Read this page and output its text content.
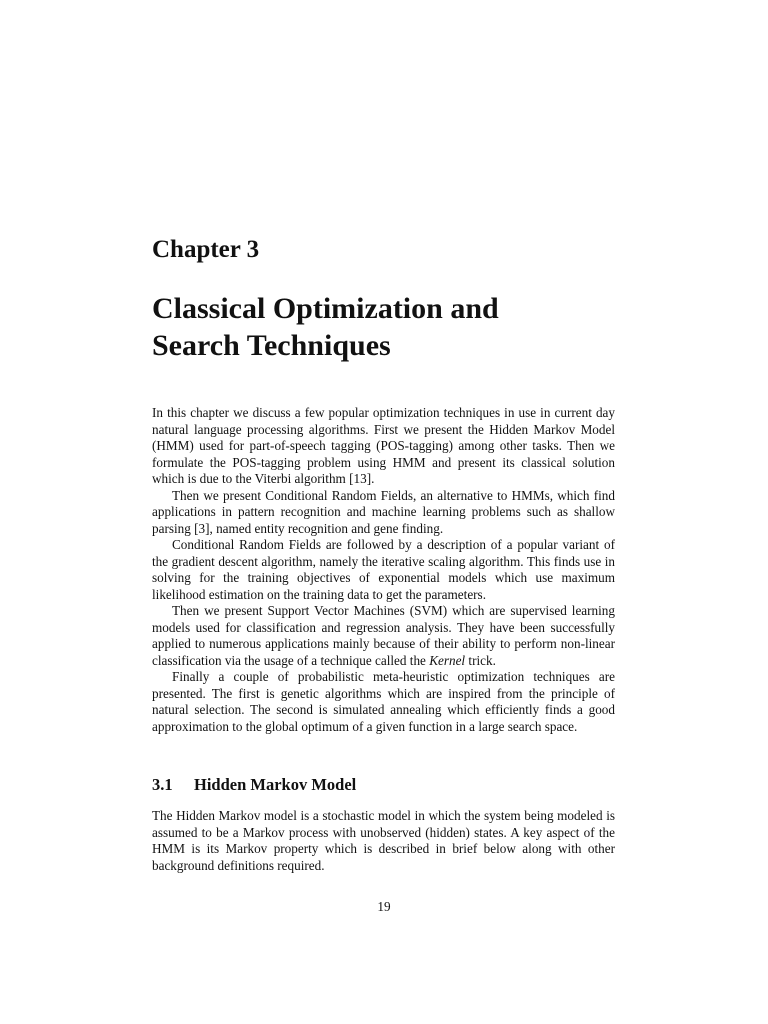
Chapter 3
Classical Optimization and
Search Techniques

In this chapter we discuss a few popular optimization techniques in use in current day natural language processing algorithms. First we present the Hidden Markov Model (HMM) used for part-of-speech tagging (POS-tagging) among other tasks. Then we formulate the POS-tagging problem using HMM and present its classical solution which is due to the Viterbi algorithm [13].

Then we present Conditional Random Fields, an alternative to HMMs, which find applications in pattern recognition and machine learning problems such as shallow parsing [3], named entity recognition and gene finding.

Conditional Random Fields are followed by a description of a popular variant of the gradient descent algorithm, namely the iterative scaling algorithm. This finds use in solving for the training objectives of exponential models which use maximum likelihood estimation on the training data to get the parameters.

Then we present Support Vector Machines (SVM) which are supervised learning models used for classification and regression analysis. They have been successfully applied to numerous applications mainly because of their ability to perform non-linear classification via the usage of a technique called the Kernel trick.

Finally a couple of probabilistic meta-heuristic optimization techniques are presented. The first is genetic algorithms which are inspired from the principle of natural selection. The second is simulated annealing which efficiently finds a good approximation to the global optimum of a given function in a large search space.

3.1 Hidden Markov Model

The Hidden Markov model is a stochastic model in which the system being modeled is assumed to be a Markov process with unobserved (hidden) states. A key aspect of the HMM is its Markov property which is described in brief below along with other background definitions required.

19
